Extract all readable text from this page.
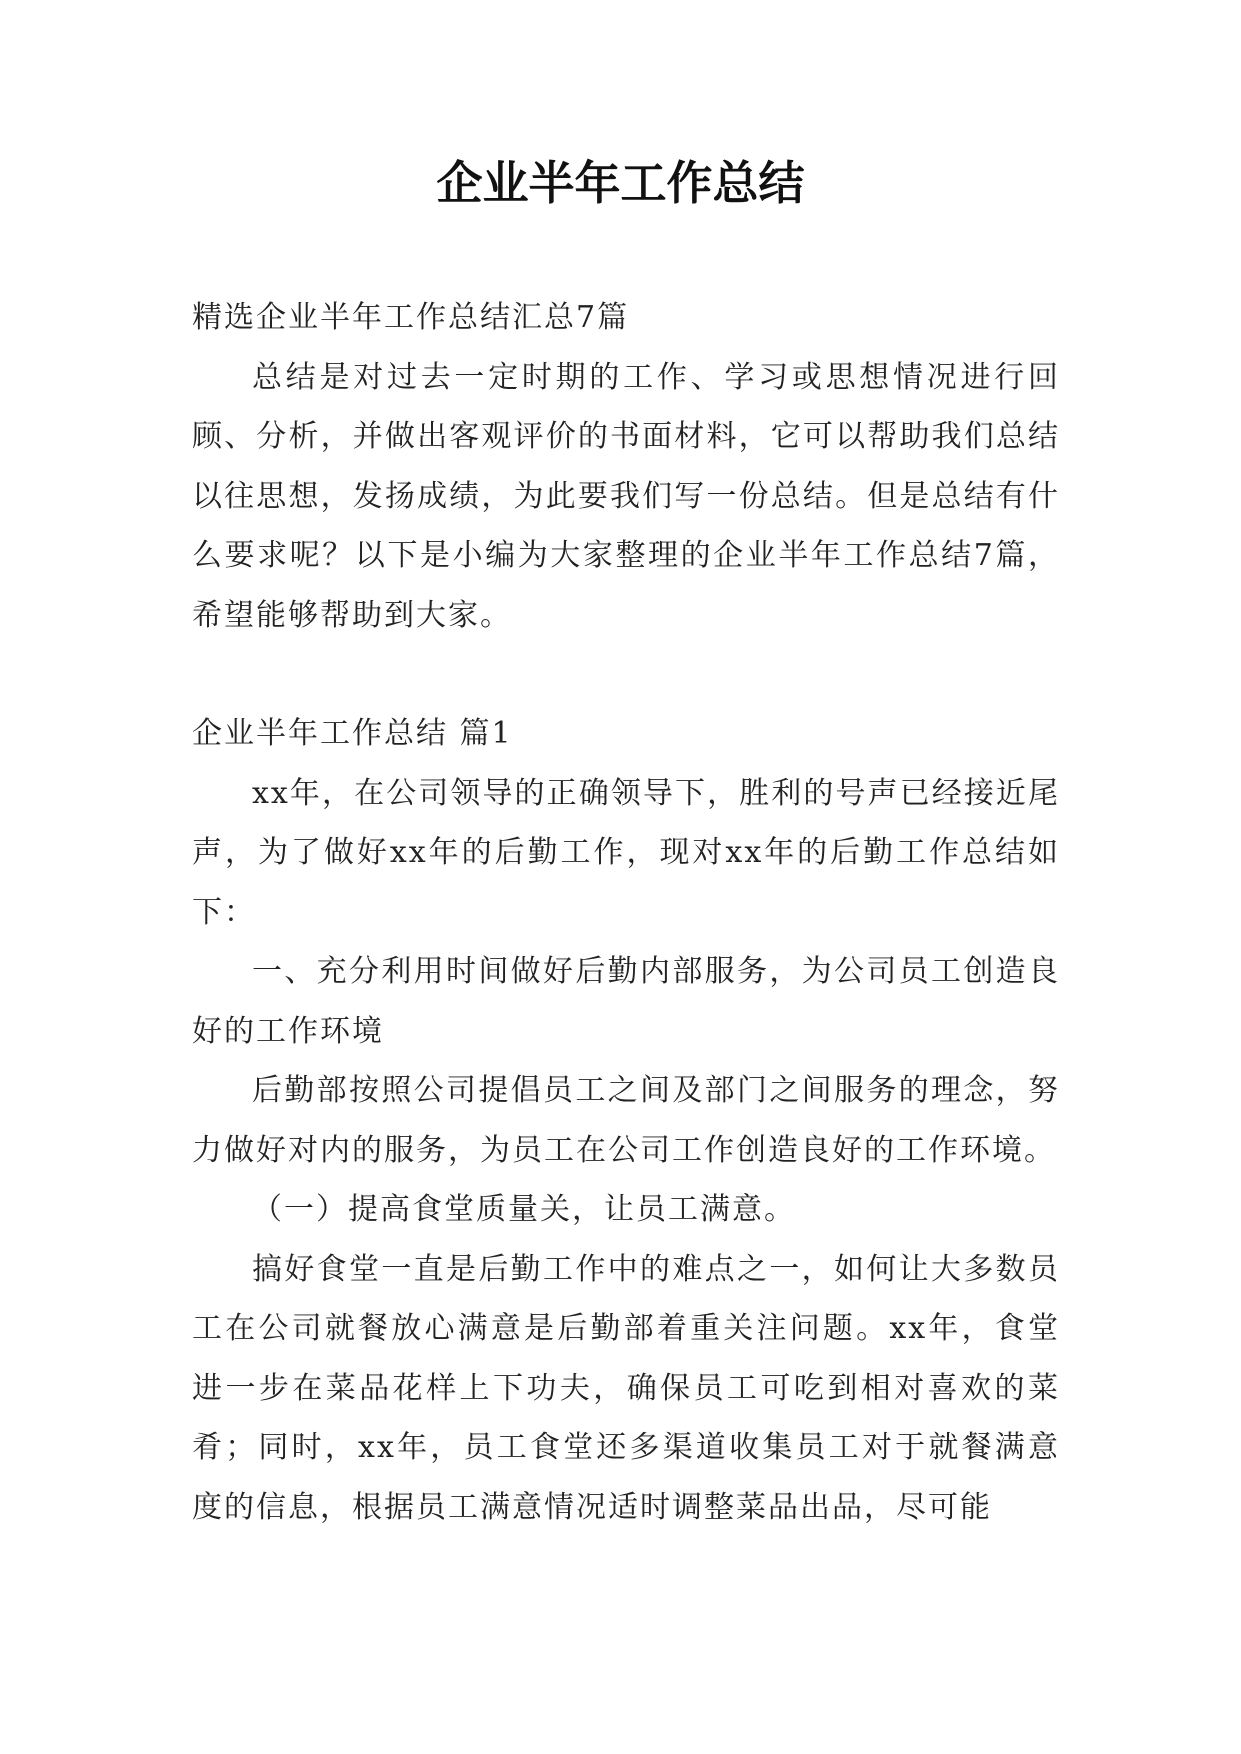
企业半年工作总结

精选企业半年工作总结汇总7篇

总结是对过去一定时期的工作、学习或思想情况进行回顾、分析，并做出客观评价的书面材料，它可以帮助我们总结以往思想，发扬成绩，为此要我们写一份总结。但是总结有什么要求呢？以下是小编为大家整理的企业半年工作总结7篇，希望能够帮助到大家。

企业半年工作总结 篇1

xx年，在公司领导的正确领导下，胜利的号声已经接近尾声，为了做好xx年的后勤工作，现对xx年的后勤工作总结如下：

一、充分利用时间做好后勤内部服务，为公司员工创造良好的工作环境

后勤部按照公司提倡员工之间及部门之间服务的理念，努力做好对内的服务，为员工在公司工作创造良好的工作环境。

（一）提高食堂质量关，让员工满意。

搞好食堂一直是后勤工作中的难点之一，如何让大多数员工在公司就餐放心满意是后勤部着重关注问题。xx年，食堂进一步在菜品花样上下功夫，确保员工可吃到相对喜欢的菜肴；同时，xx年，员工食堂还多渠道收集员工对于就餐满意度的信息，根据员工满意情况适时调整菜品出品，尽可能
